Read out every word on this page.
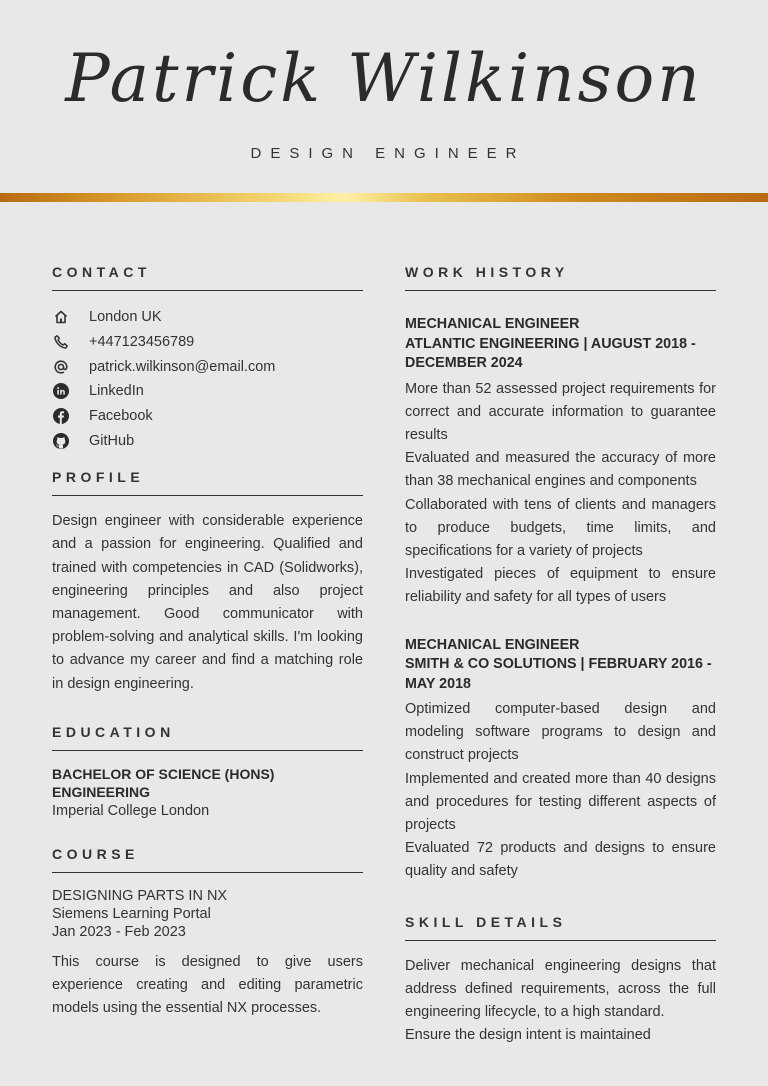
Patrick Wilkinson
DESIGN ENGINEER
CONTACT
London UK
+447123456789
patrick.wilkinson@email.com
LinkedIn
Facebook
GitHub
PROFILE

Design engineer with considerable experience and a passion for engineering. Qualified and trained with competencies in CAD (Solidworks), engineering principles and also project management. Good communicator with problem-solving and analytical skills. I'm looking to advance my career and find a matching role in design engineering.

EDUCATION
BACHELOR OF SCIENCE (HONS)
ENGINEERING
Imperial College London
COURSE
DESIGNING PARTS IN NX
Siemens Learning Portal
Jan 2023 - Feb 2023

This course is designed to give users experience creating and editing parametric models using the essential NX processes.

WORK HISTORY
MECHANICAL ENGINEER
ATLANTIC ENGINEERING | AUGUST 2018 - DECEMBER 2024

More than 52 assessed project requirements for correct and accurate information to guarantee results

Evaluated and measured the accuracy of more than 38 mechanical engines and components

Collaborated with tens of clients and managers to produce budgets, time limits, and specifications for a variety of projects

Investigated pieces of equipment to ensure reliability and safety for all types of users

MECHANICAL ENGINEER
SMITH & CO SOLUTIONS | FEBRUARY 2016 - MAY 2018

Optimized computer-based design and modeling software programs to design and construct projects

Implemented and created more than 40 designs and procedures for testing different aspects of projects

Evaluated 72 products and designs to ensure quality and safety

SKILL DETAILS

Deliver mechanical engineering designs that address defined requirements, across the full engineering lifecycle, to a high standard.

Ensure the design intent is maintained
